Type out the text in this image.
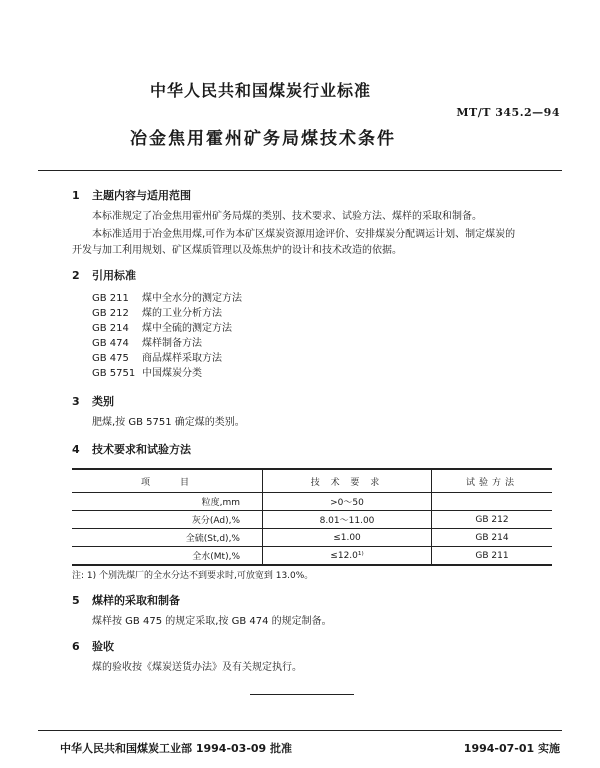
中华人民共和国煤炭行业标准
MT/T 345.2—94
冶金焦用霍州矿务局煤技术条件
1 主题内容与适用范围
本标准规定了冶金焦用霍州矿务局煤的类别、技术要求、试验方法、煤样的采取和制备。
本标准适用于冶金焦用煤,可作为本矿区煤炭资源用途评价、安排煤炭分配调运计划、制定煤炭的
开发与加工利用规划、矿区煤质管理以及炼焦炉的设计和技术改造的依据。
2 引用标准
GB 211 煤中全水分的测定方法
GB 212 煤的工业分析方法
GB 214 煤中全硫的测定方法
GB 474 煤样制备方法
GB 475 商品煤样采取方法
GB 5751 中国煤炭分类
3 类别
肥煤,按 GB 5751 确定煤的类别。
4 技术要求和试验方法
项　　目	技 术 要 求	试验方法
粒度,mm	>0～50	
灰分(Ad),%	8.01～11.00	GB 212
全硫(St,d),%	≤1.00	GB 214
全水(Mt),%	≤12.0¹⁾	GB 211
注: 1) 个别洗煤厂的全水分达不到要求时,可放宽到 13.0%。
5 煤样的采取和制备
煤样按 GB 475 的规定采取,按 GB 474 的规定制备。
6 验收
煤的验收按《煤炭送货办法》及有关规定执行。
中华人民共和国煤炭工业部 1994-03-09 批准	1994-07-01 实施
